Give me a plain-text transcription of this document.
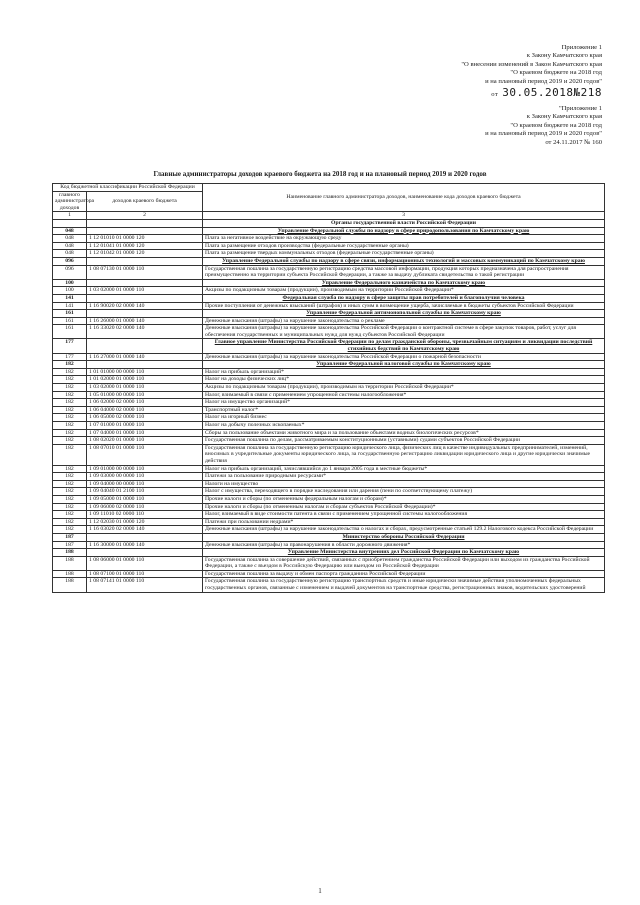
Приложение 1
к Закону Камчатского края
"О внесении изменений в Закон Камчатского края
"О краевом бюджете на 2018 год
и на плановый период 2019 и 2020 годов"
от 30.05.2018№218
"Приложение 1
к Закону Камчатского края
"О краевом бюджете на 2018 год
и на плановый период 2019 и 2020 годов"
от 24.11.2017 № 160
Главные администраторы доходов краевого бюджета на 2018 год и на плановый период 2019 и 2020 годов
Код бюджетной классификации Российской Федерации		Наименование главного администратора доходов, наименование кода доходов краевого бюджета
главного администратора доходов	доходов краевого бюджета	
1	2	3
		Органы государственной власти Российской Федерации
048		Управление Федеральной службы по надзору в сфере природопользования по Камчатскому краю
048	1 12 01010 01 0000 120	Плата за негативное воздействие на окружающую среду
048	1 12 01041 01 0000 120	Плата за размещение отходов производства (федеральные государственные органы)
048	1 12 01042 01 0000 120	Плата за размещение твердых коммунальных отходов (федеральные государственные органы)
096		Управление Федеральной службы по надзору в сфере связи, информационных технологий и массовых коммуникаций по Камчатскому краю
096	1 08 07130 01 0000 110	Государственная пошлина за государственную регистрацию средства массовой информации, продукция которых предназначена для распространения преимущественно на территории субъекта Российской Федерации, а также за выдачу дубликата свидетельства о такой регистрации
100		Управление Федерального казначейства по Камчатскому краю
100	1 03 02000 01 0000 110	Акцизы по подакцизным товарам (продукции), производимым на территории Российской Федерации*
141		Федеральная служба по надзору в сфере защиты прав потребителей и благополучия человека
141	1 16 90020 02 0000 140	Прочие поступления от денежных взысканий (штрафов) и иных сумм в возмещение ущерба, зачисляемые в бюджеты субъектов Российской Федерации
161		Управление Федеральной антимонопольной службы по Камчатскому краю
161	1 16 26000 01 0000 140	Денежные взыскания (штрафы) за нарушение законодательства о рекламе
161	1 16 33020 02 0000 140	Денежные взыскания (штрафы) за нарушение законодательства Российской Федерации о контрактной системе в сфере закупок товаров, работ, услуг для обеспечения государственных и муниципальных нужд для нужд субъектов Российской Федерации
177		Главное управление Министерства Российской Федерации по делам гражданской обороны, чрезвычайным ситуациям и ликвидации последствий стихийных бедствий по Камчатскому краю
177	1 16 27000 01 0000 140	Денежные взыскания (штрафы) за нарушение законодательства Российской Федерации о пожарной безопасности
182		Управление Федеральной налоговой службы по Камчатскому краю
182	1 01 01000 00 0000 110	Налог на прибыль организаций*
182	1 01 02000 01 0000 110	Налог на доходы физических лиц*
182	1 03 02000 01 0000 110	Акцизы по подакцизным товарам (продукции), производимым на территории Российской Федерации*
182	1 05 01000 00 0000 110	Налог, взимаемый в связи с применением упрощенной системы налогообложения*
182	1 06 02000 02 0000 110	Налог на имущество организаций*
182	1 06 04000 02 0000 110	Транспортный налог*
182	1 06 05000 02 0000 110	Налог на игорный бизнес
182	1 07 01000 01 0000 110	Налог на добычу полезных ископаемых*
182	1 07 04000 01 0000 110	Сборы за пользование объектами животного мира и за пользование объектами водных биологических ресурсов*
182	1 08 02020 01 0000 110	Государственная пошлина по делам, рассматриваемым конституционными (уставными) судами субъектов Российской Федерации
182	1 08 07010 01 0000 110	Государственная пошлина за государственную регистрацию юридического лица, физических лиц в качестве индивидуальных предпринимателей, изменений, вносимых в учредительные документы юридического лица, за государственную регистрацию ликвидации юридического лица и другие юридически значимые действия
182	1 09 01000 00 0000 110	Налог на прибыль организаций, зачислявшийся до 1 января 2005 года в местные бюджеты*
182	1 09 03000 00 0000 110	Платежи за пользование природными ресурсами*
182	1 09 04000 00 0000 110	Налоги на имущество
182	1 09 04040 01 2100 110	Налог с имущества, переходящего в порядке наследования или дарения (пени по соответствующему платежу)
182	1 09 05000 01 0000 110	Прочие налоги и сборы (по отмененным федеральным налогам и сборам)*
182	1 09 06000 02 0000 110	Прочие налоги и сборы (по отмененным налогам и сборам субъектов Российской Федерации)*
182	1 09 11010 02 0000 110	Налог, взимаемый в виде стоимости патента в связи с применением упрощенной системы налогообложения
182	1 12 02030 01 0000 120	Платежи при пользовании недрами*
182	1 16 03020 02 0000 140	Денежные взыскания (штрафы) за нарушение законодательства о налогах и сборах, предусмотренные статьей 129.2 Налогового кодекса Российской Федерации
187		Министерство обороны Российской Федерации
187	1 16 30000 01 0000 140	Денежные взыскания (штрафы) за правонарушения в области дорожного движения*
188		Управление Министерства внутренних дел Российской Федерации по Камчатскому краю
188	1 08 06000 01 0000 110	Государственная пошлина за совершение действий, связанных с приобретением гражданства Российской Федерации или выходом из гражданства Российской Федерации, а также с въездом в Российскую Федерацию или выездом из Российской Федерации
188	1 08 07100 01 0000 110	Государственная пошлина за выдачу и обмен паспорта гражданина Российской Федерации
188	1 08 07141 01 0000 110	Государственная пошлина за государственную регистрацию транспортных средств и иные юридически значимые действия уполномоченных федеральных государственных органов, связанные с изменением и выдачей документов на транспортные средства, регистрационных знаков, водительских удостоверений
1
